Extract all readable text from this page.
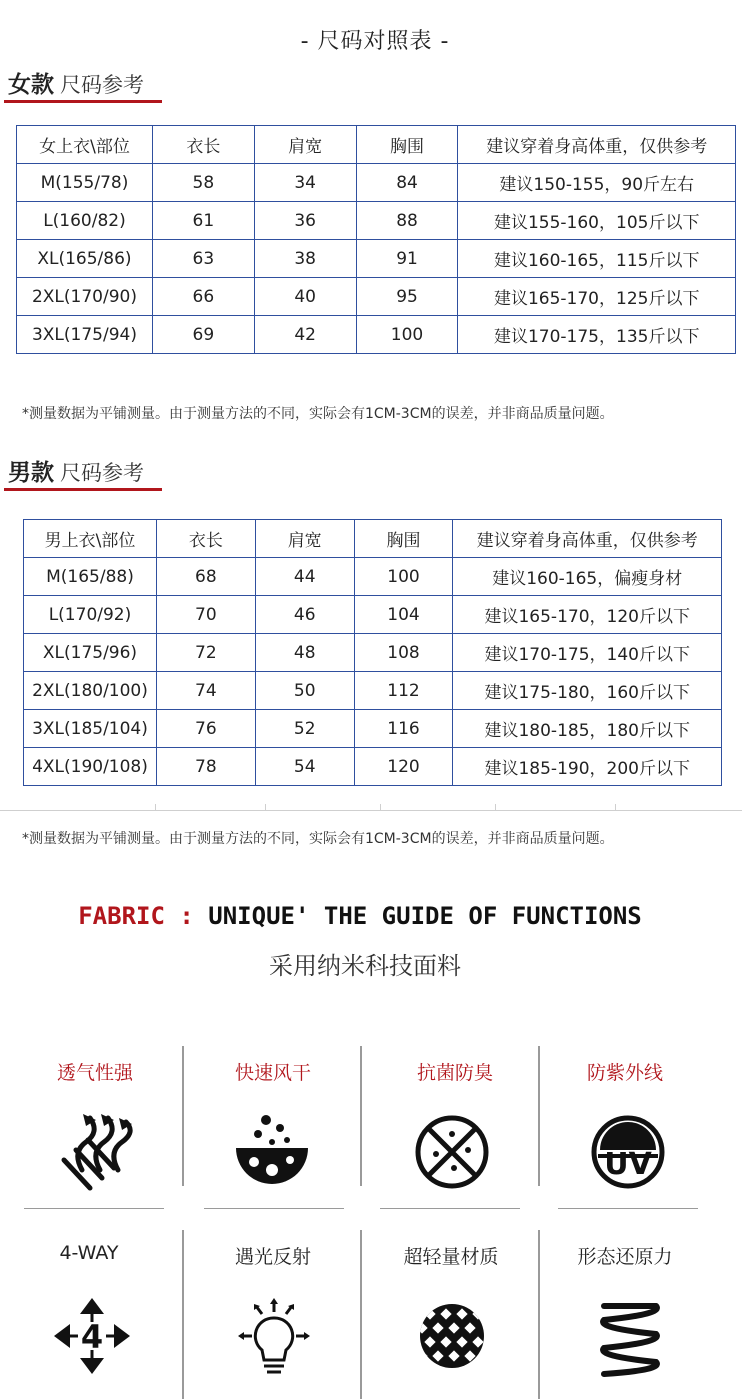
- 尺码对照表 -
女款 尺码参考
女上衣\部位	衣长	肩宽	胸围	建议穿着身高体重，仅供参考
M(155/78)	58	34	84	建议150-155，90斤左右
L(160/82)	61	36	88	建议155-160，105斤以下
XL(165/86)	63	38	91	建议160-165，115斤以下
2XL(170/90)	66	40	95	建议165-170，125斤以下
3XL(175/94)	69	42	100	建议170-175，135斤以下
*测量数据为平铺测量。由于测量方法的不同，实际会有1CM-3CM的误差，并非商品质量问题。
男款 尺码参考
男上衣\部位	衣长	肩宽	胸围	建议穿着身高体重，仅供参考
M(165/88)	68	44	100	建议160-165，偏瘦身材
L(170/92)	70	46	104	建议165-170，120斤以下
XL(175/96)	72	48	108	建议170-175，140斤以下
2XL(180/100)	74	50	112	建议175-180，160斤以下
3XL(185/104)	76	52	116	建议180-185，180斤以下
4XL(190/108)	78	54	120	建议185-190，200斤以下
*测量数据为平铺测量。由于测量方法的不同，实际会有1CM-3CM的误差，并非商品质量问题。
FABRIC : UNIQUE' THE GUIDE OF FUNCTIONS
采用纳米科技面料
透气性强	快速风干	抗菌防臭	防紫外线
UV
4-WAY	遇光反射	超轻量材质	形态还原力
4
